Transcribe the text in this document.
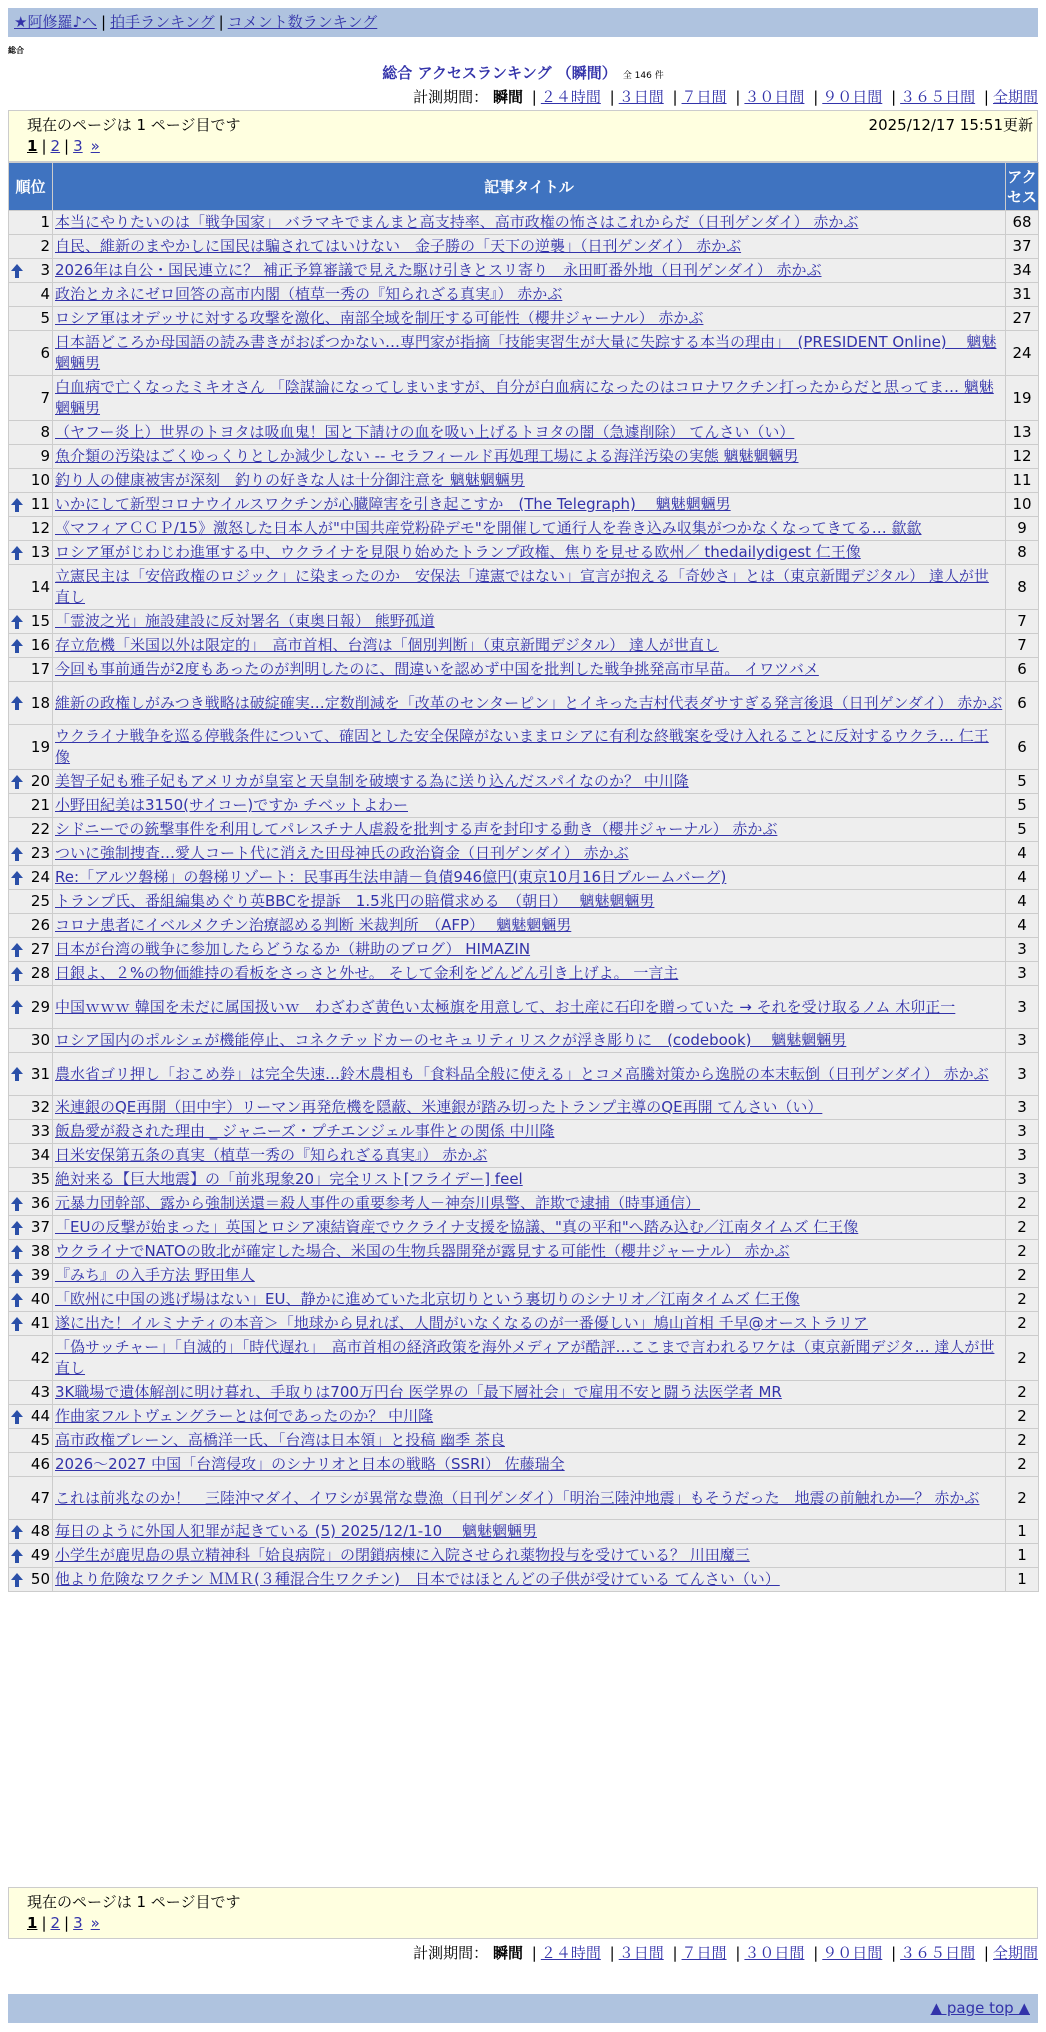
★阿修羅♪へ | 拍手ランキング | コメント数ランキング
総合
総合 アクセスランキング （瞬間） 全 146 件
計測期間： 瞬間 | ２４時間 | ３日間 | ７日間 | ３０日間 | ９０日間 | ３６５日間 | 全期間
現在のページは 1 ページ目です	2025/12/17 15:51更新
1 | 2 | 3 »
順位	記事タイトル	アクセス
1	本当にやりたいのは「戦争国家」 バラマキでまんまと高支持率、高市政権の怖さはこれからだ（日刊ゲンダイ） 赤かぶ	68
2	自民、維新のまやかしに国民は騙されてはいけない　金子勝の「天下の逆襲」（日刊ゲンダイ） 赤かぶ	37

3	2026年は自公・国民連立に？ 補正予算審議で見えた駆け引きとスリ寄り　永田町番外地（日刊ゲンダイ） 赤かぶ	34
4	政治とカネにゼロ回答の高市内閣（植草一秀の『知られざる真実』） 赤かぶ	31
5	ロシア軍はオデッサに対する攻撃を激化、南部全域を制圧する可能性（櫻井ジャーナル） 赤かぶ	27
6	日本語どころか母国語の読み書きがおぼつかない…専門家が指摘「技能実習生が大量に失踪する本当の理由」　(PRESIDENT Online)　 魑魅魍魎男	24
7	白血病で亡くなったミキオさん 「陰謀論になってしまいますが、自分が白血病になったのはコロナワクチン打ったからだと思ってま… 魑魅魍魎男	19
8	（ヤフー炎上）世界のトヨタは吸血鬼！国と下請けの血を吸い上げるトヨタの闇（急遽削除） てんさい（い）	13
9	魚介類の汚染はごくゆっくりとしか減少しない -- セラフィールド再処理工場による海洋汚染の実態 魑魅魍魎男	12
10	釣り人の健康被害が深刻　釣りの好きな人は十分御注意を 魑魅魍魎男	11

11	いかにして新型コロナウイルスワクチンが心臓障害を引き起こすか　(The Telegraph)　 魑魅魍魎男	10
12	《マフィアＣＣＰ/15》激怒した日本人が"中国共産党粉砕デモ"を開催して通行人を巻き込み収集がつかなくなってきてる… 歙歙	9

13	ロシア軍がじわじわ進軍する中、ウクライナを見限り始めたトランプ政権、焦りを見せる欧州／ thedailydigest 仁王像	8
14	立憲民主は「安倍政権のロジック」に染まったのか　安保法「違憲ではない」宣言が抱える「奇妙さ」とは（東京新聞デジタル） 達人が世直し	8

15	「霊波之光」施設建設に反対署名（東奥日報） 熊野孤道	7

16	存立危機「米国以外は限定的」　高市首相、台湾は「個別判断」（東京新聞デジタル） 達人が世直し	7
17	今回も事前通告が2度もあったのが判明したのに、間違いを認めず中国を批判した戦争挑発高市早苗。 イワツバメ	6

18	維新の政権しがみつき戦略は破綻確実…定数削減を「改革のセンターピン」とイキった吉村代表ダサすぎる発言後退（日刊ゲンダイ） 赤かぶ	6
19	ウクライナ戦争を巡る停戦条件について、確固とした安全保障がないままロシアに有利な終戦案を受け入れることに反対するウクラ… 仁王像	6

20	美智子妃も雅子妃もアメリカが皇室と天皇制を破壊する為に送り込んだスパイなのか？ 中川隆	5
21	小野田紀美は3150(サイコー)ですか チベットよわー	5
22	シドニーでの銃撃事件を利用してパレスチナ人虐殺を批判する声を封印する動き（櫻井ジャーナル） 赤かぶ	5

23	ついに強制捜査…愛人コート代に消えた田母神氏の政治資金（日刊ゲンダイ） 赤かぶ	4

24	Re:「アルツ磐梯」の磐梯リゾート：民事再生法申請－負債946億円(東京10月16日ブルームバーグ)	4
25	トランプ氏、番組編集めぐり英BBCを提訴　1.5兆円の賠償求める　（朝日）　 魑魅魍魎男	4
26	コロナ患者にイベルメクチン治療認める判断 米裁判所　（AFP）　 魑魅魍魎男	4

27	日本が台湾の戦争に参加したらどうなるか（耕助のブログ） HIMAZIN	3

28	日銀よ、２%の物価維持の看板をさっさと外せ。 そして金利をどんどん引き上げよ。 一言主	3

29	中国ｗｗｗ 韓国を未だに属国扱いｗ　わざわざ黄色い太極旗を用意して、お土産に石印を贈っていた → それを受け取るノム 木卯正一	3
30	ロシア国内のポルシェが機能停止、コネクテッドカーのセキュリティリスクが浮き彫りに　(codebook)　 魑魅魍魎男	3

31	農水省ゴリ押し「おこめ券」は完全失速…鈴木農相も「食料品全般に使える」とコメ高騰対策から逸脱の本末転倒（日刊ゲンダイ） 赤かぶ	3
32	米連銀のQE再開（田中宇）リーマン再発危機を隠蔽、米連銀が踏み切ったトランプ主導のQE再開 てんさい（い）	3
33	飯島愛が殺された理由 _ ジャニーズ・プチエンジェル事件との関係 中川隆	3
34	日米安保第五条の真実（植草一秀の『知られざる真実』） 赤かぶ	3
35	絶対来る【巨大地震】の「前兆現象20」完全リスト[フライデー] feel	3

36	元暴力団幹部、露から強制送還＝殺人事件の重要参考人－神奈川県警、詐欺で逮捕（時事通信）	2

37	「EUの反撃が始まった」英国とロシア凍結資産でウクライナ支援を協議、"真の平和"へ踏み込む／江南タイムズ 仁王像	2

38	ウクライナでNATOの敗北が確定した場合、米国の生物兵器開発が露見する可能性（櫻井ジャーナル） 赤かぶ	2

39	『みち』の入手方法 野田隼人	2

40	「欧州に中国の逃げ場はない」EU、静かに進めていた北京切りという裏切りのシナリオ／江南タイムズ 仁王像	2

41	遂に出た！イルミナティの本音＞「地球から見れば、人間がいなくなるのが一番優しい」鳩山首相 千早@オーストラリア	2
42	「偽サッチャー」「自滅的」「時代遅れ」　高市首相の経済政策を海外メディアが酷評…ここまで言われるワケは（東京新聞デジタ… 達人が世直し	2
43	3K職場で遺体解剖に明け暮れ、手取りは700万円台 医学界の「最下層社会」で雇用不安と闘う法医学者 MR	2

44	作曲家フルトヴェングラーとは何であったのか？ 中川隆	2
45	高市政権ブレーン、高橋洋一氏、「台湾は日本領」と投稿 幽季 茶良	2
46	2026～2027 中国「台湾侵攻」のシナリオと日本の戦略（SSRI） 佐藤瑞全	2
47	これは前兆なのか！　三陸沖マダイ、イワシが異常な豊漁（日刊ゲンダイ）「明治三陸沖地震」もそうだった　地震の前触れか―？ 赤かぶ	2

48	毎日のように外国人犯罪が起きている (5) 2025/12/1-10　 魑魅魍魎男	1

49	小学生が鹿児島の県立精神科「姶良病院」の閉鎖病棟に入院させられ薬物投与を受けている？ 川田魔三	1

50	他より危険なワクチン ＭＭＲ(３種混合生ワクチン)　日本ではほとんどの子供が受けている てんさい（い）	1
現在のページは 1 ページ目です
1 | 2 | 3 »
計測期間： 瞬間 | ２４時間 | ３日間 | ７日間 | ３０日間 | ９０日間 | ３６５日間 | 全期間
▲ page top ▲
